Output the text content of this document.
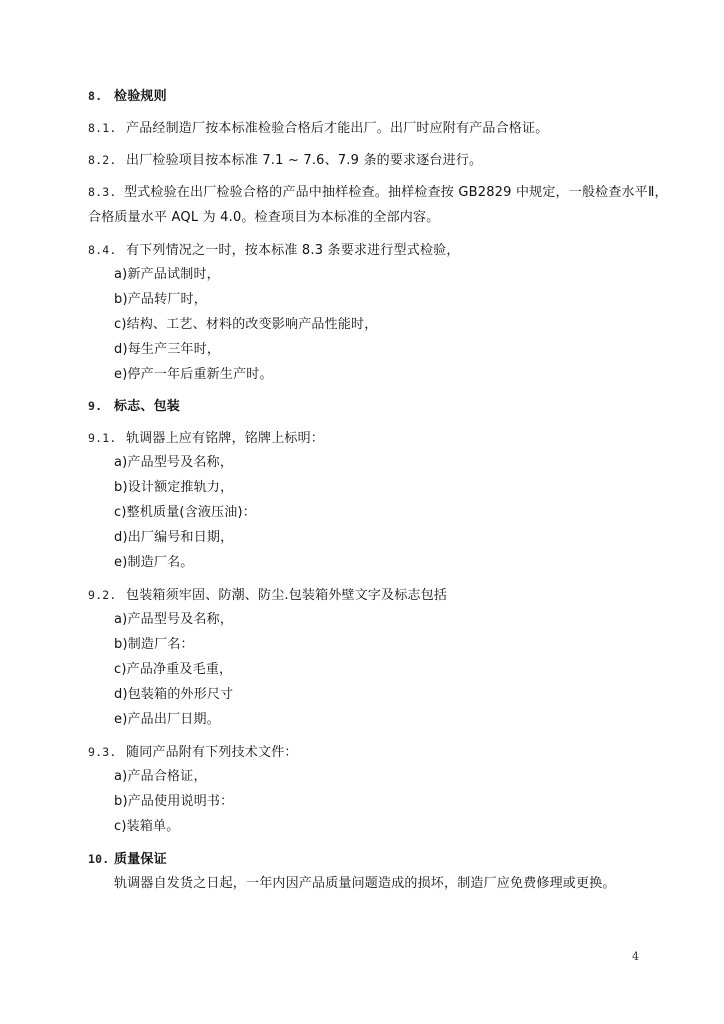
8. 检验规则
8.1. 产品经制造厂按本标准检验合格后才能出厂。出厂时应附有产品合格证。
8.2. 出厂检验项目按本标准 7.1 ~ 7.6、7.9 条的要求逐台进行。
8.3. 型式检验在出厂检验合格的产品中抽样检查。抽样检查按 GB2829 中规定，一般检查水平Ⅱ，
合格质量水平 AQL 为 4.0。检查项目为本标准的全部内容。
8.4. 有下列情况之一时，按本标准 8.3 条要求进行型式检验，
a)新产品试制时，
b)产品转厂时，
c)结构、工艺、材料的改变影响产品性能时，
d)每生产三年时，
e)停产一年后重新生产时。
9. 标志、包装
9.1. 轨调器上应有铭牌，铭牌上标明：
a)产品型号及名称，
b)设计额定推轨力，
c)整机质量(含液压油)：
d)出厂编号和日期，
e)制造厂名。
9.2. 包装箱须牢固、防潮、防尘.包装箱外壁文字及标志包括
a)产品型号及名称，
b)制造厂名：
c)产品净重及毛重，
d)包装箱的外形尺寸
e)产品出厂日期。
9.3. 随同产品附有下列技术文件：
a)产品合格证，
b)产品使用说明书：
c)装箱单。
10. 质量保证
轨调器自发货之日起，一年内因产品质量问题造成的损坏，制造厂应免费修理或更换。
4
